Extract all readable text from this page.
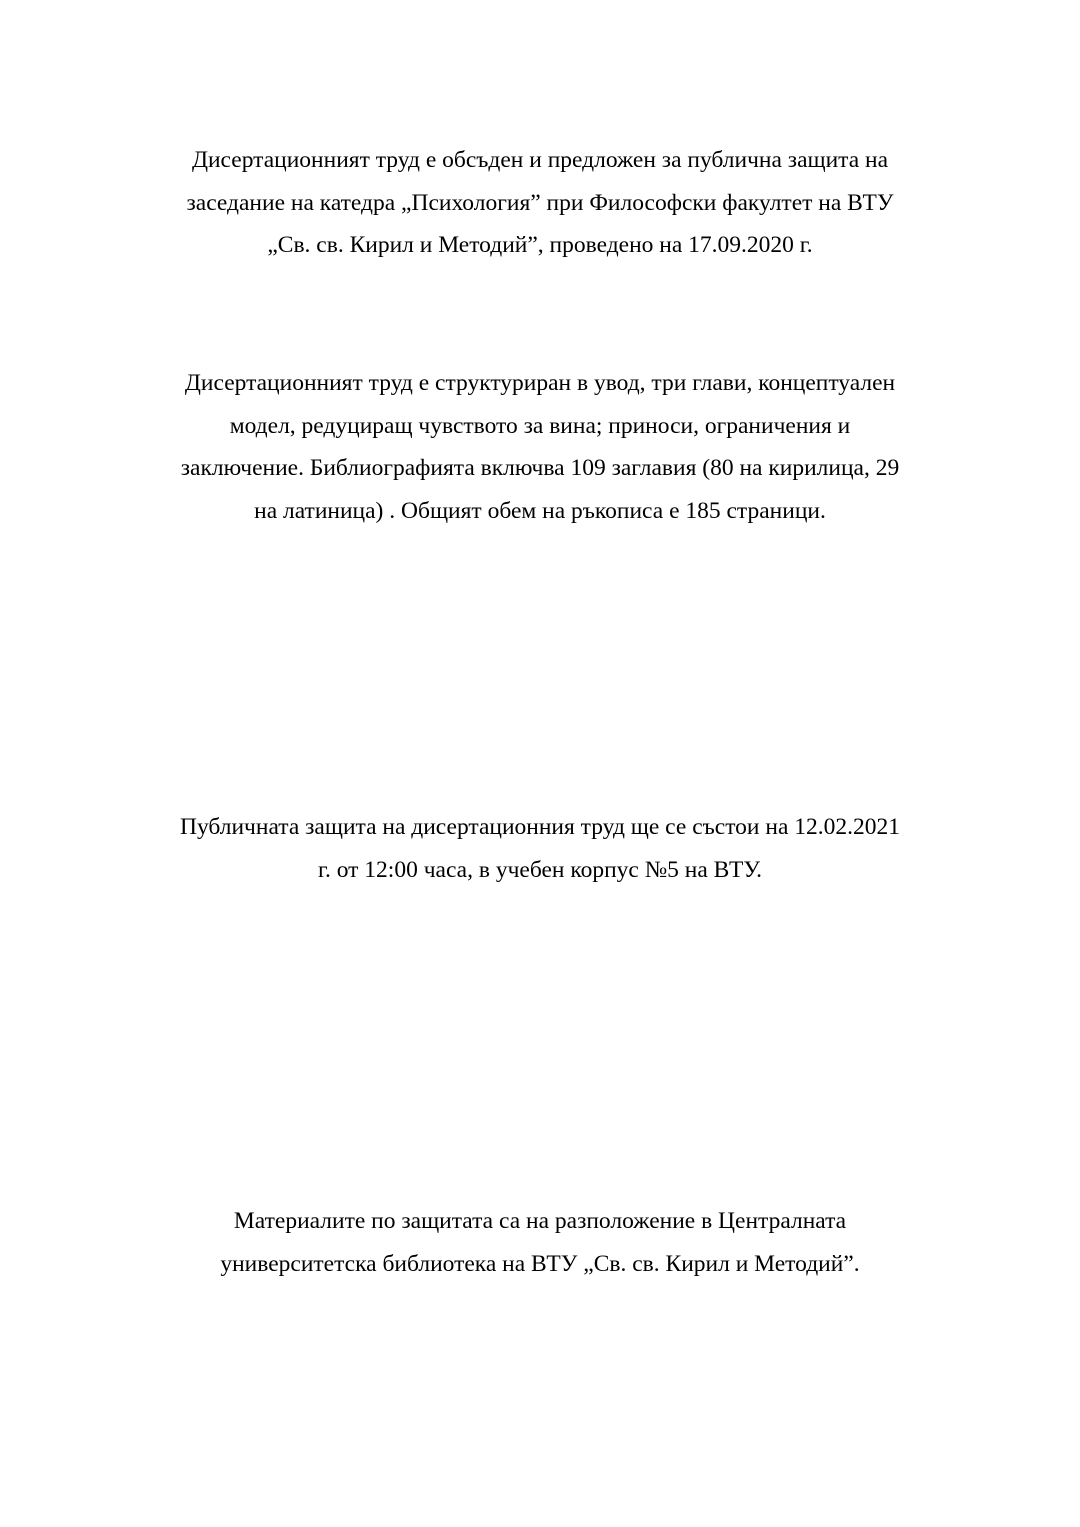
Дисертационният труд е обсъден и предложен за публична защита на
заседание на катедра „Психология” при Философски факултет на ВТУ
„Св. св. Кирил и Методий”, проведено на 17.09.2020 г.
Дисертационният труд е структуриран в увод, три глави, концептуален
модел, редуциращ чувството за вина; приноси, ограничения и
заключение. Библиографията включва 109 заглавия (80 на кирилица, 29
на латиница) . Общият обем на ръкописа е 185 страници.
Публичната защита на дисертационния труд ще се състои на 12.02.2021
г. от 12:00 часа, в учебен корпус №5 на ВТУ.
Материалите по защитата са на разположение в Централната
университетска библиотека на ВТУ „Св. св. Кирил и Методий”.
